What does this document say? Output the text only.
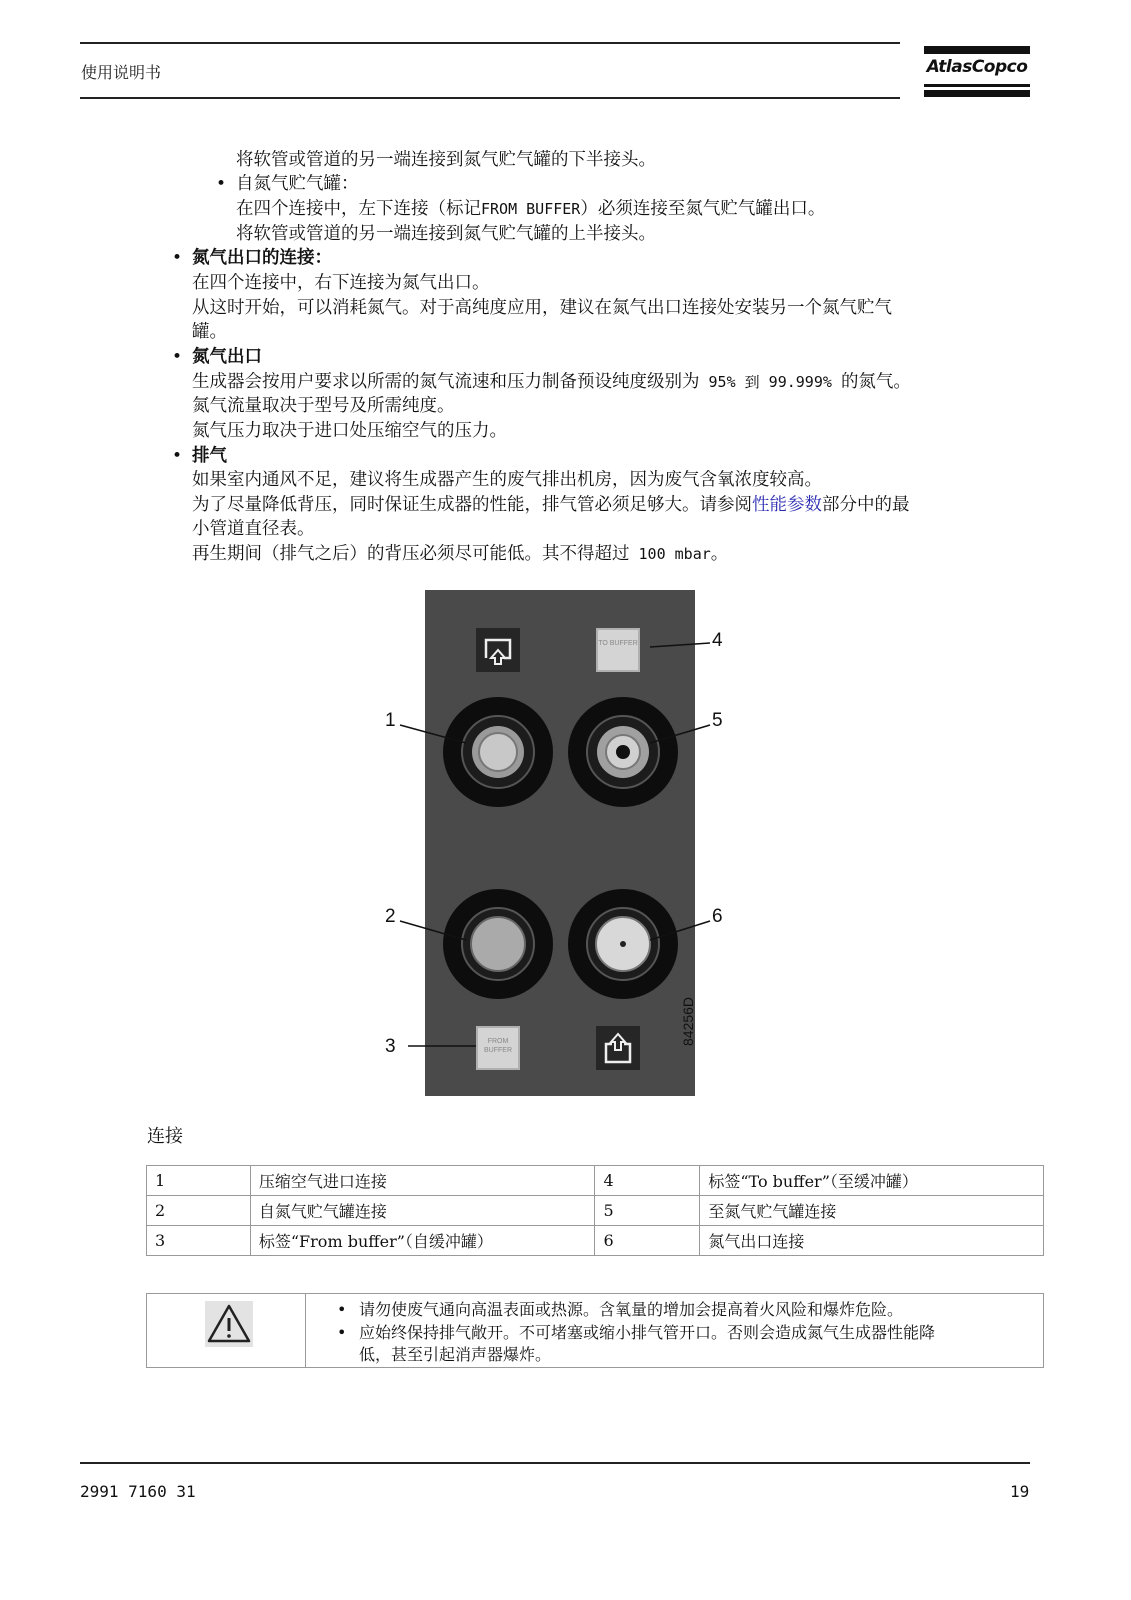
使用说明书	AtlasCopco
将软管或管道的另一端连接到氮气贮气罐的下半接头。
• 自氮气贮气罐：
在四个连接中，左下连接（标记FROM BUFFER）必须连接至氮气贮气罐出口。
将软管或管道的另一端连接到氮气贮气罐的上半接头。
• 氮气出口的连接：
在四个连接中，右下连接为氮气出口。
从这时开始，可以消耗氮气。对于高纯度应用，建议在氮气出口连接处安装另一个氮气贮气
罐。
• 氮气出口
生成器会按用户要求以所需的氮气流速和压力制备预设纯度级别为 95% 到 99.999% 的氮气。
氮气流量取决于型号及所需纯度。
氮气压力取决于进口处压缩空气的压力。
• 排气
如果室内通风不足，建议将生成器产生的废气排出机房，因为废气含氧浓度较高。
为了尽量降低背压，同时保证生成器的性能，排气管必须足够大。请参阅性能参数部分中的最
小管道直径表。
再生期间（排气之后）的背压必须尽可能低。其不得超过 100 mbar。
TO BUFFER
FROM BUFFER
1
2
3
4
5
6
84256D
连接
1	压缩空气进口连接	4	标签“To buffer”（至缓冲罐）
2	自氮气贮气罐连接	5	至氮气贮气罐连接
3	标签“From buffer”（自缓冲罐）	6	氮气出口连接
• 请勿使废气通向高温表面或热源。含氧量的增加会提高着火风险和爆炸危险。
• 应始终保持排气敞开。不可堵塞或缩小排气管开口。否则会造成氮气生成器性能降
低，甚至引起消声器爆炸。
2991 7160 31	19
